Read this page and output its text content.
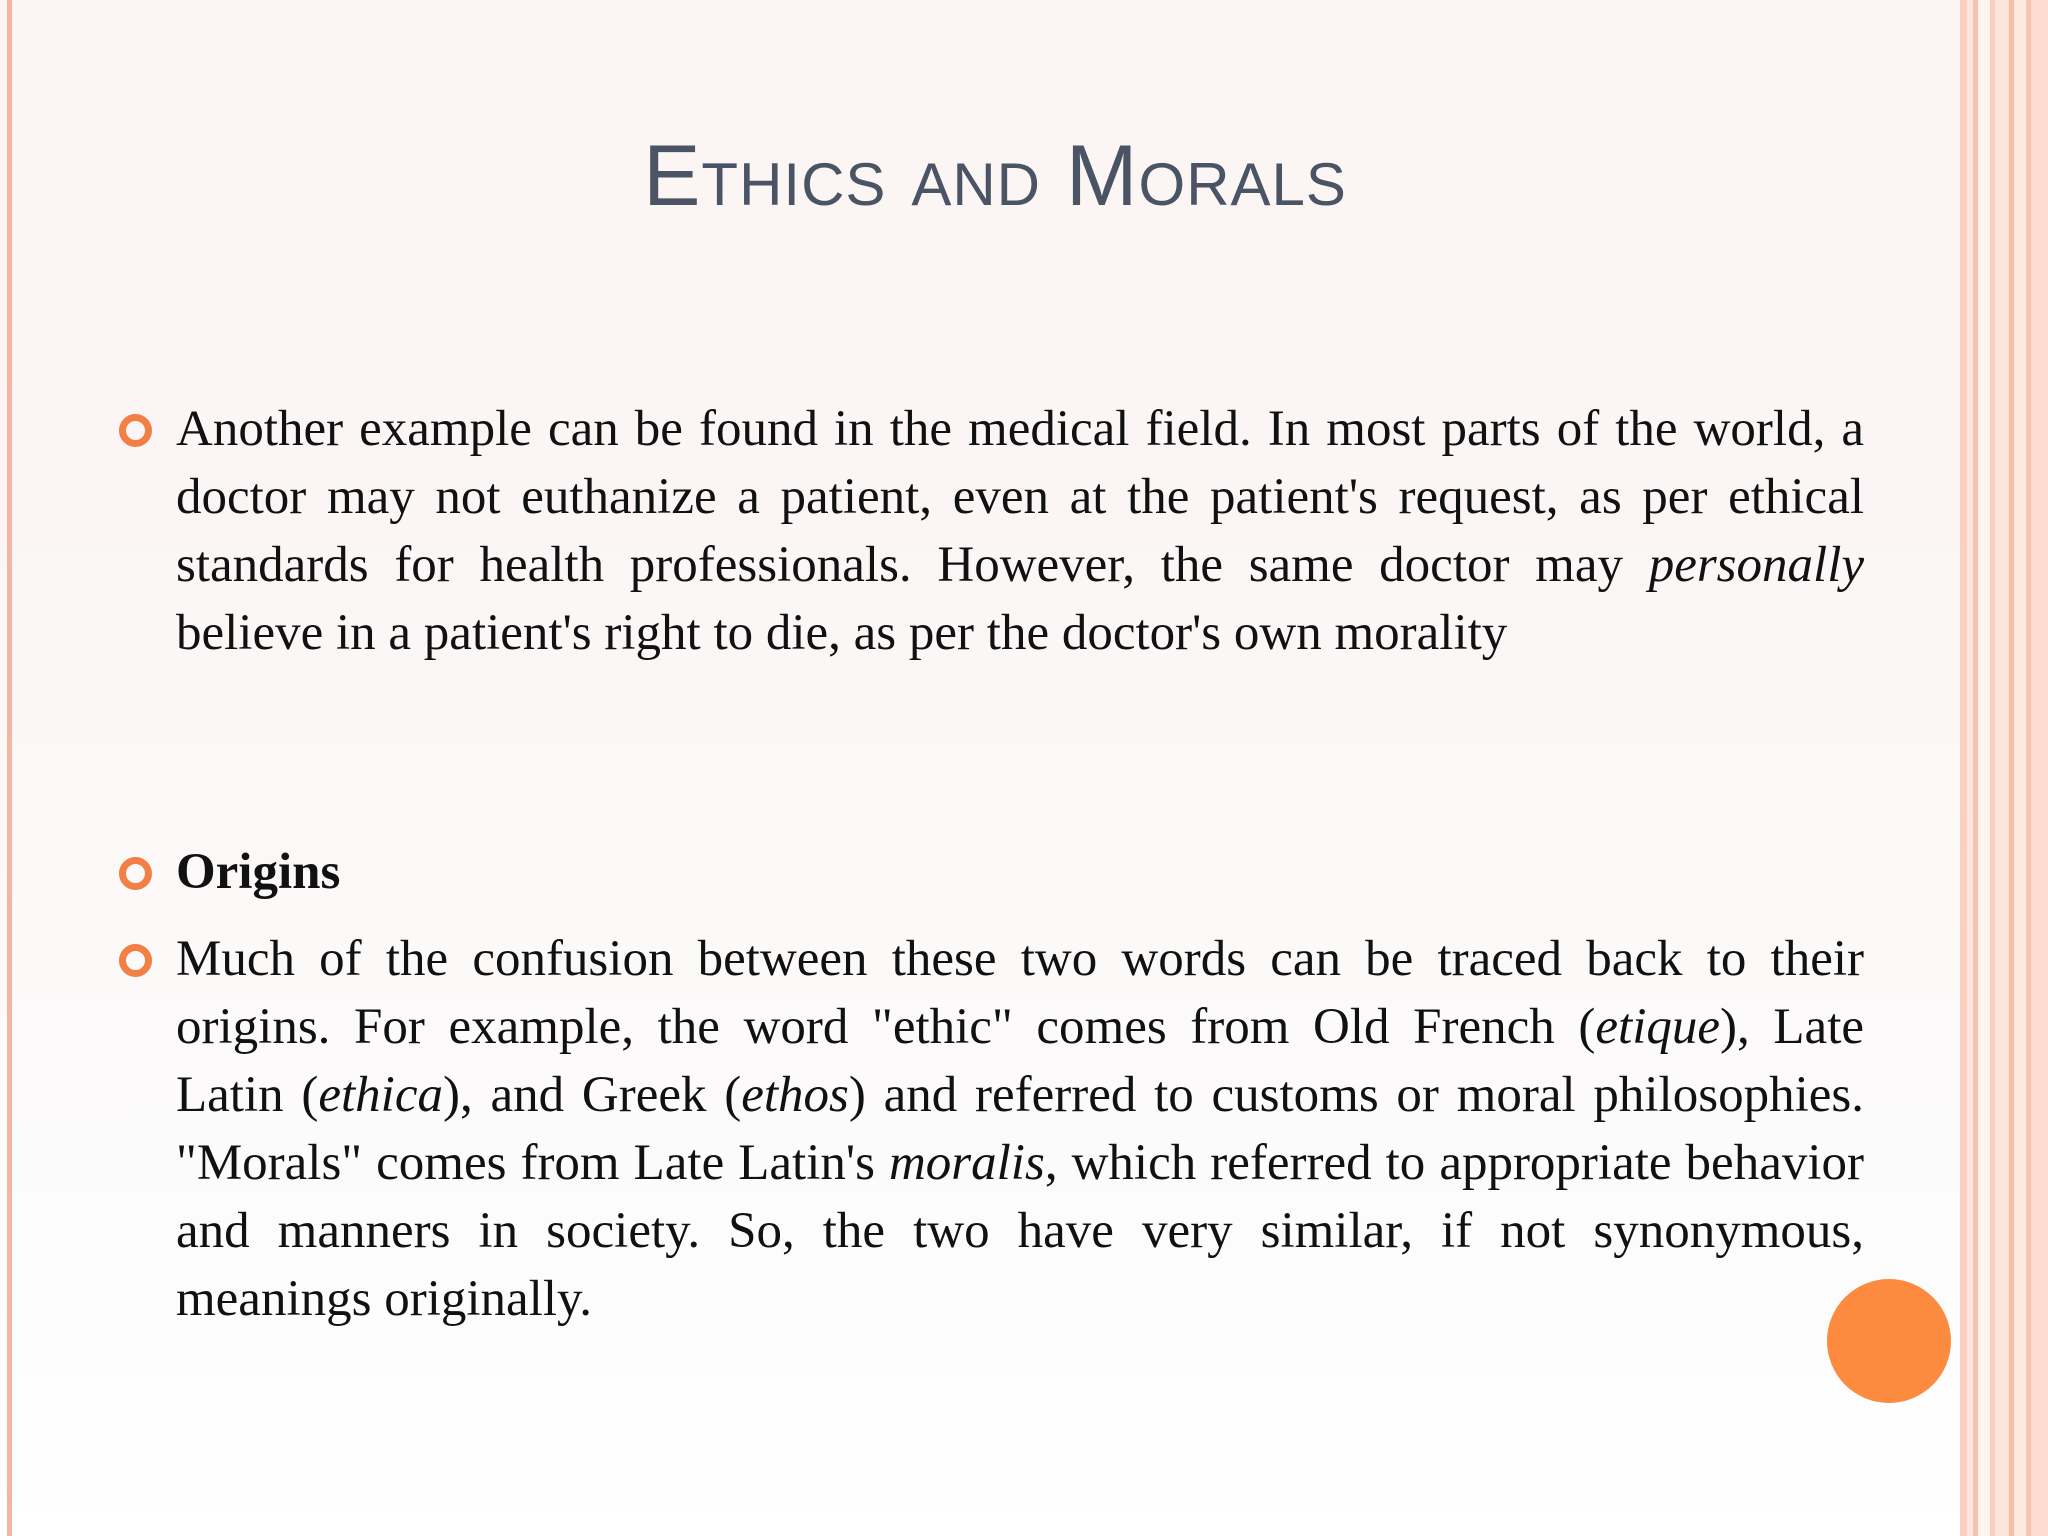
Ethics and Morals
Another example can be found in the medical field. In most parts of the world, a doctor may not euthanize a patient, even at the patient's request, as per ethical standards for health professionals. However, the same doctor may personally believe in a patient's right to die, as per the doctor's own morality
Origins
Much of the confusion between these two words can be traced back to their origins. For example, the word "ethic" comes from Old French (etique), Late Latin (ethica), and Greek (ethos) and referred to customs or moral philosophies. "Morals" comes from Late Latin's moralis, which referred to appropriate behavior and manners in society. So, the two have very similar, if not synonymous, meanings originally.
